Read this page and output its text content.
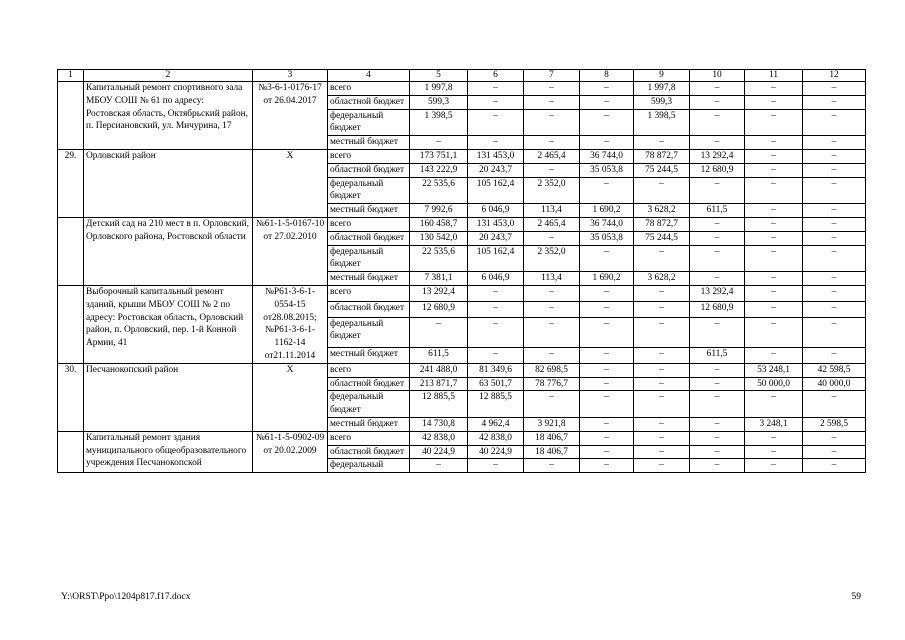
1	2	3	4	5	6	7	8	9	10	11	12
	Капитальный ремонт спортивного зала МБОУ СОШ № 61 по адресу: Ростовская область, Октябрьский район, п. Персиановский, ул. Мичурина, 17	№3-6-1-0176-17 от 26.04.2017	всего	1 997,8	–	–	–	1 997,8	–	–	–
			областной бюджет	599,3	–	–	–	599,3	–	–	–
			федеральный бюджет	1 398,5	–	–	–	1 398,5	–	–	–
			местный бюджет	–	–	–	–	–	–	–	–
29.	Орловский район	Х	всего	173 751,1	131 453,0	2 465,4	36 744,0	78 872,7	13 292,4	–	–
			областной бюджет	143 222,9	20 243,7	–	35 053,8	75 244,5	12 680,9	–	–
			федеральный бюджет	22 535,6	105 162,4	2 352,0	–	–	–	–	–
			местный бюджет	7 992,6	6 046,9	113,4	1 690,2	3 628,2	611,5	–	–
	Детский сад на 210 мест в п. Орловский, Орловского района, Ростовской области	№61-1-5-0167-10 от 27.02.2010	всего	160 458,7	131 453,0	2 465,4	36 744,0	78 872,7	–	–	–
			областной бюджет	130 542,0	20 243,7	–	35 053,8	75 244,5	–	–	–
			федеральный бюджет	22 535,6	105 162,4	2 352,0	–	–	–	–	–
			местный бюджет	7 381,1	6 046,9	113,4	1 690,2	3 628,2	–	–	–
	Выборочный капитальный ремонт зданий, крыши МБОУ СОШ № 2 по адресу: Ростовская область, Орловский район, п. Орловский, пер. 1-й Конной Армии, 41	№Р61-3-6-1-0554-15 от28.08.2015; №Р61-3-6-1-1162-14 от21.11.2014	всего	13 292,4	–	–	–	–	13 292,4	–	–
			областной бюджет	12 680,9	–	–	–	–	12 680,9	–	–
			федеральный бюджет	–	–	–	–	–	–	–	–
			местный бюджет	611,5	–	–	–	–	611,5	–	–
30.	Песчанокопский район	Х	всего	241 488,0	81 349,6	82 698,5	–	–	–	53 248,1	42 598,5
			областной бюджет	213 871,7	63 501,7	78 776,7	–	–	–	50 000,0	40 000,0
			федеральный бюджет	12 885,5	12 885,5	–	–	–	–	–	–
			местный бюджет	14 730,8	4 962,4	3 921,8	–	–	–	3 248,1	2 598,5
	Капитальный ремонт здания муниципального общеобразовательного учреждения Песчанокопской	№61-1-5-0902-09 от 20.02.2009	всего	42 838,0	42 838,0	18 406,7	–	–	–	–	–
			областной бюджет	40 224,9	40 224,9	18 406,7	–	–	–	–	–
			федеральный	–	–	–	–	–	–	–	–
Y:\ORST\Ppo\1204p817.f17.docx	59
